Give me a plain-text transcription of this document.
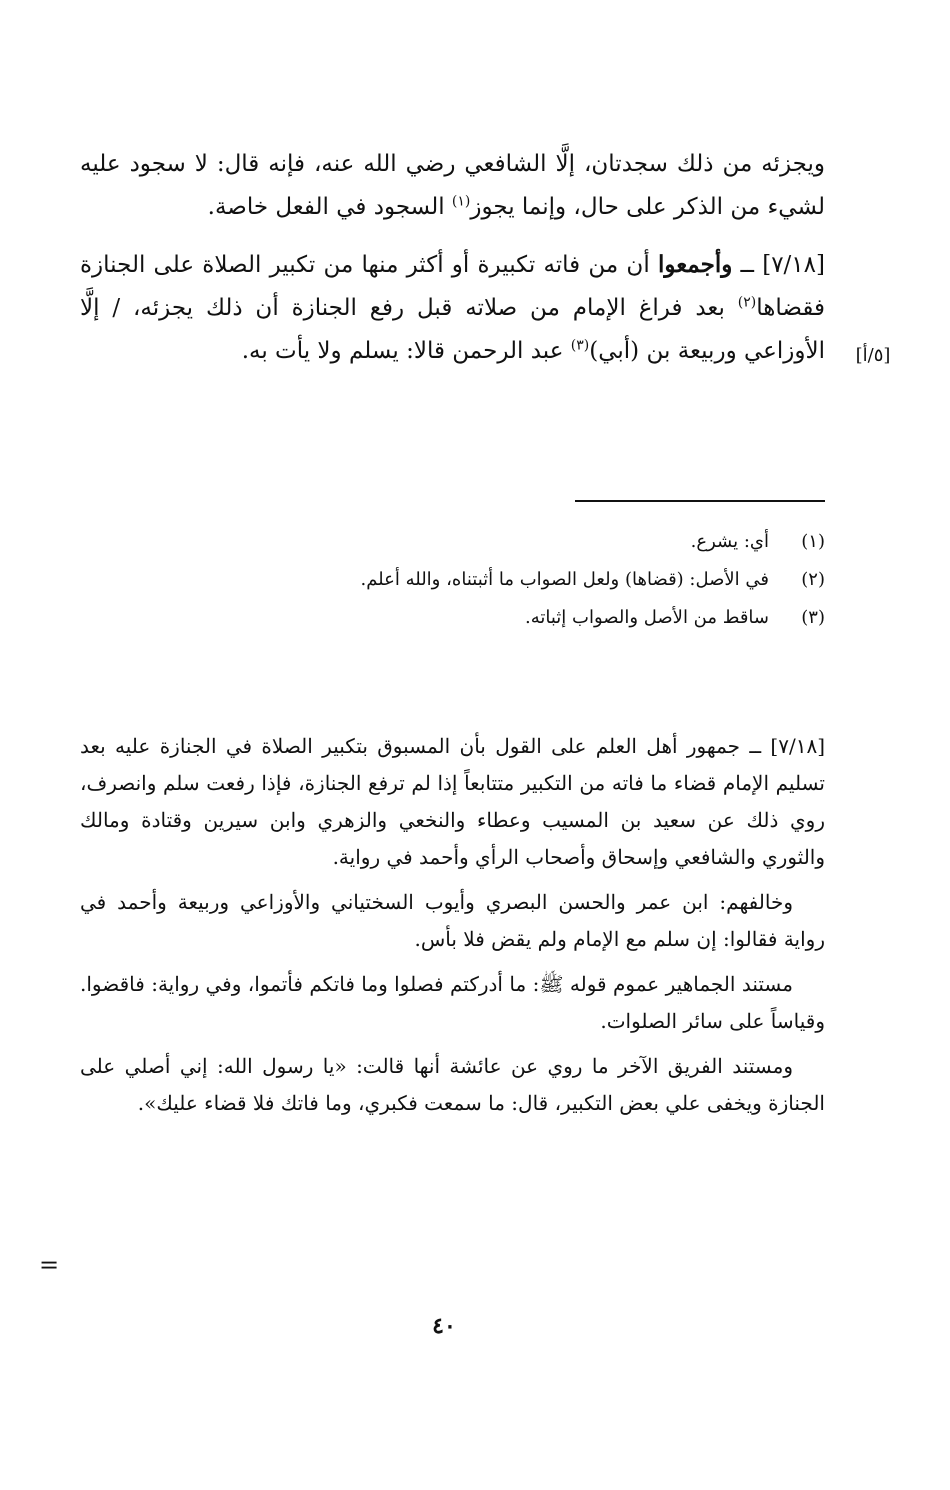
ويجزئه من ذلك سجدتان، إلَّا الشافعي رضي الله عنه، فإنه قال: لا سجود عليه لشيء من الذكر على حال، وإنما يجوز$^{(١)}$ السجود في الفعل خاصة.

[٧/١٨] ــ وأجمعوا أن من فاته تكبيرة أو أكثر منها من تكبير الصلاة على الجنازة فقضاها$^{(٢)}$ بعد فراغ الإمام من صلاته قبل رفع الجنازة أن ذلك يجزئه، / إلَّا الأوزاعي وربيعة بن (أبي)$^{(٣)}$ عبد الرحمن قالا: يسلم ولا يأت به.	[٥/أ]
(١)
أي: يشرع.
(٢)
في الأصل: (قضاها) ولعل الصواب ما أثبتناه، والله أعلم.
(٣)
ساقط من الأصل والصواب إثباته.

[٧/١٨] ــ جمهور أهل العلم على القول بأن المسبوق بتكبير الصلاة في الجنازة عليه بعد تسليم الإمام قضاء ما فاته من التكبير متتابعاً إذا لم ترفع الجنازة، فإذا رفعت سلم وانصرف، روي ذلك عن سعيد بن المسيب وعطاء والنخعي والزهري وابن سيرين وقتادة ومالك والثوري والشافعي وإسحاق وأصحاب الرأي وأحمد في رواية.

وخالفهم: ابن عمر والحسن البصري وأيوب السختياني والأوزاعي وربيعة وأحمد في رواية فقالوا: إن سلم مع الإمام ولم يقض فلا بأس.

مستند الجماهير عموم قوله ﷺ: ما أدركتم فصلوا وما فاتكم فأتموا، وفي رواية: فاقضوا. وقياساً على سائر الصلوات.

ومستند الفريق الآخر ما روي عن عائشة أنها قالت: «يا رسول الله: إني أصلي على الجنازة ويخفى علي بعض التكبير، قال: ما سمعت فكبري، وما فاتك فلا قضاء عليك».

=
٤٠
